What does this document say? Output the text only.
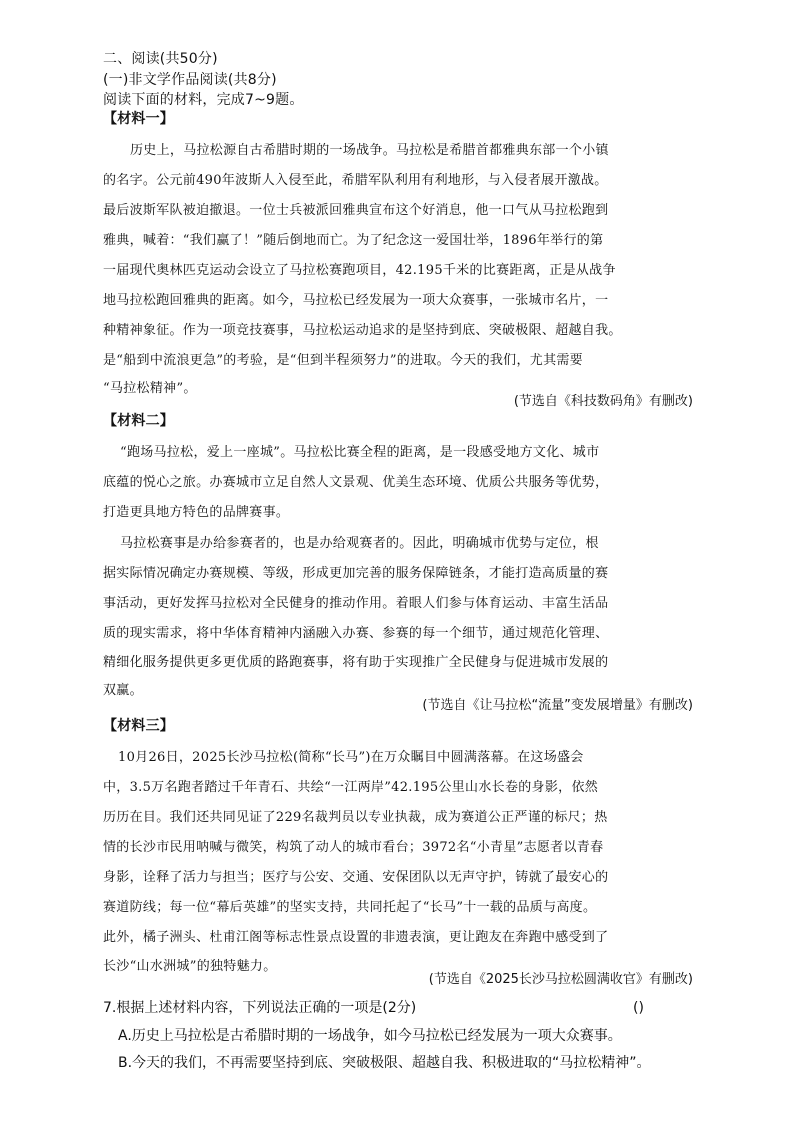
二、阅读(共50分)
(一)非文学作品阅读(共8分)
阅读下面的材料，完成7~9题。
【材料一】
历史上，马拉松源自古希腊时期的一场战争。马拉松是希腊首都雅典东部一个小镇
的名字。公元前490年波斯人入侵至此，希腊军队利用有利地形，与入侵者展开激战。
最后波斯军队被迫撤退。一位士兵被派回雅典宣布这个好消息，他一口气从马拉松跑到
雅典，喊着：“我们赢了！”随后倒地而亡。为了纪念这一爱国壮举，1896年举行的第
一届现代奥林匹克运动会设立了马拉松赛跑项目，42.195千米的比赛距离，正是从战争
地马拉松跑回雅典的距离。如今，马拉松已经发展为一项大众赛事，一张城市名片，一
种精神象征。作为一项竞技赛事，马拉松运动追求的是坚持到底、突破极限、超越自我。
是“船到中流浪更急”的考验，是“但到半程须努力”的进取。今天的我们，尤其需要
“马拉松精神”。
(节选自《科技数码角》有删改)
【材料二】
“跑场马拉松，爱上一座城”。马拉松比赛全程的距离，是一段感受地方文化、城市
底蕴的悦心之旅。办赛城市立足自然人文景观、优美生态环境、优质公共服务等优势，
打造更具地方特色的品牌赛事。
马拉松赛事是办给参赛者的，也是办给观赛者的。因此，明确城市优势与定位，根
据实际情况确定办赛规模、等级，形成更加完善的服务保障链条，才能打造高质量的赛
事活动，更好发挥马拉松对全民健身的推动作用。着眼人们参与体育运动、丰富生活品
质的现实需求，将中华体育精神内涵融入办赛、参赛的每一个细节，通过规范化管理、
精细化服务提供更多更优质的路跑赛事，将有助于实现推广全民健身与促进城市发展的
双赢。
(节选自《让马拉松“流量”变发展增量》有删改)
【材料三】
10月26日，2025长沙马拉松(简称“长马”)在万众瞩目中圆满落幕。在这场盛会
中，3.5万名跑者踏过千年青石、共绘“一江两岸”42.195公里山水长卷的身影，依然
历历在目。我们还共同见证了229名裁判员以专业执裁，成为赛道公正严谨的标尺；热
情的长沙市民用呐喊与微笑，构筑了动人的城市看台；3972名“小青星”志愿者以青春
身影，诠释了活力与担当；医疗与公安、交通、安保团队以无声守护，铸就了最安心的
赛道防线；每一位“幕后英雄”的坚实支持，共同托起了“长马”十一载的品质与高度。
此外，橘子洲头、杜甫江阁等标志性景点设置的非遗表演，更让跑友在奔跑中感受到了
长沙“山水洲城”的独特魅力。
(节选自《2025长沙马拉松圆满收官》有删改)
7.根据上述材料内容，下列说法正确的一项是(2分)	()
A.历史上马拉松是古希腊时期的一场战争，如今马拉松已经发展为一项大众赛事。
B.今天的我们，不再需要坚持到底、突破极限、超越自我、积极进取的“马拉松精神”。
